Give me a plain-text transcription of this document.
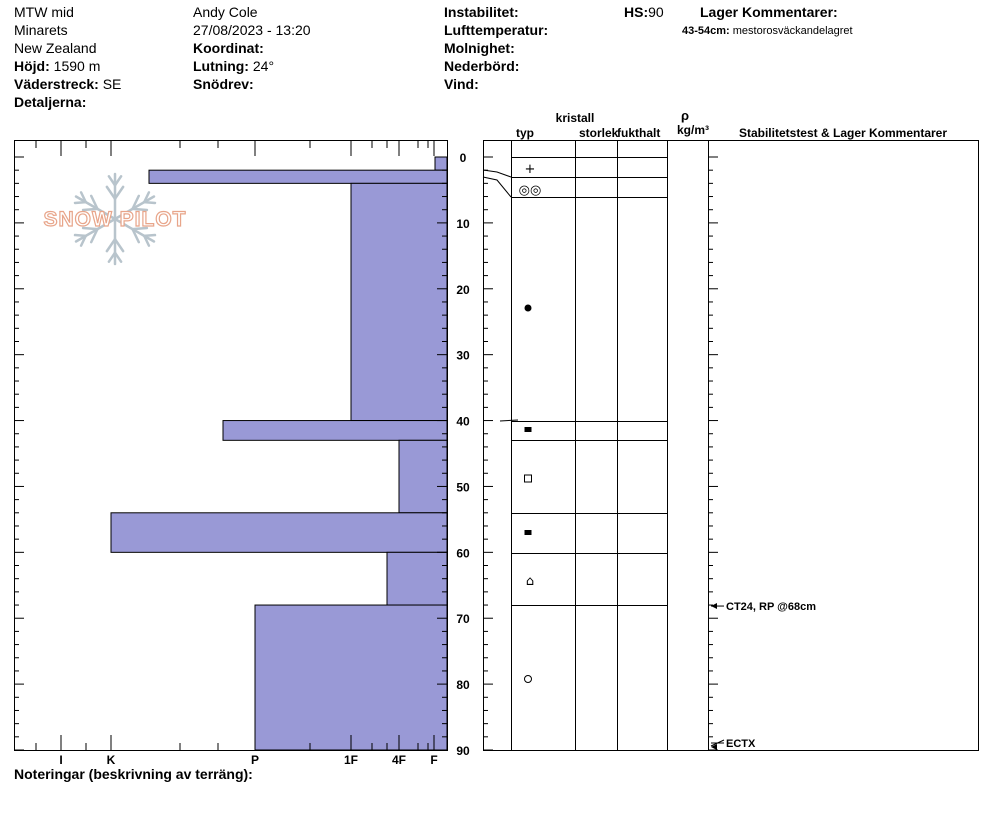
MTW mid
Minarets
New Zealand
Höjd: 1590 m
Väderstreck: SE
Detaljerna:
Andy Cole
27/08/2023 - 13:20
Koordinat:
Lutning: 24°
Snödrev:
Instabilitet:
Lufttemperatur:
Molnighet:
Nederbörd:
Vind:
HS:90	Lager Kommentarer:
43-54cm: mestorosväckandelagret
Noteringar (beskrivning av terräng):
SNOW PILOT
I	K	P	1F	4F F
0
10
20
30
40
50
60
70
80
90
+
◎◎
⌂
CT24, RP @68cm
ECTX
kristall
typ	storlek
fukthalt
ρ
kg/m³ Stabilitetstest & Lager Kommentarer
